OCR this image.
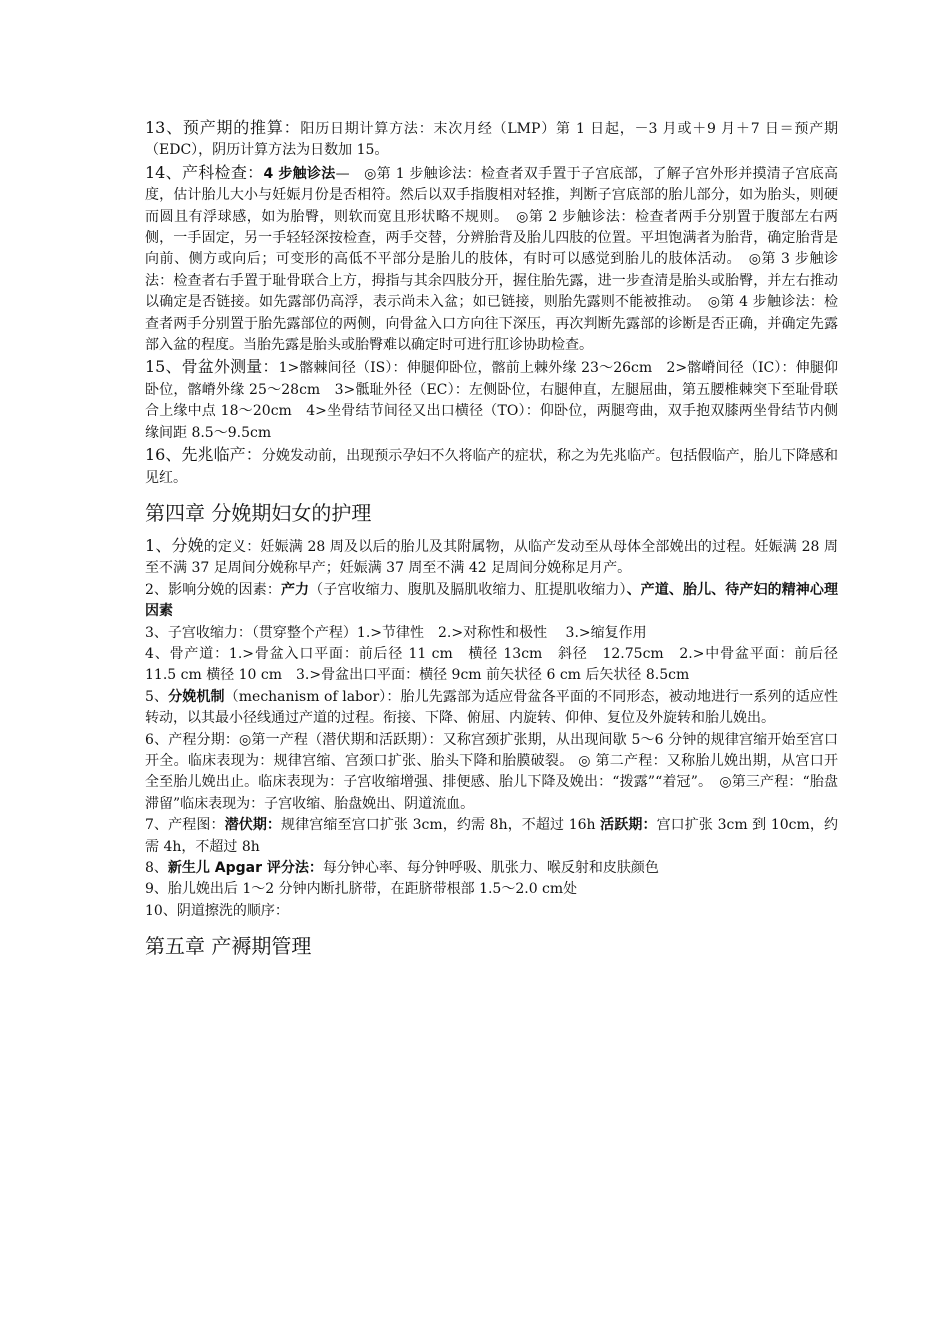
13、预产期的推算：阳历日期计算方法：末次月经（LMP）第 1 日起，－3 月或＋9 月＋7 日＝预产期（EDC），阴历计算方法为日数加 15。

14、产科检查：4 步触诊法—　◎第 1 步触诊法：检查者双手置于子宫底部，了解子宫外形并摸清子宫底高度，估计胎儿大小与妊娠月份是否相符。然后以双手指腹相对轻推，判断子宫底部的胎儿部分，如为胎头，则硬而圆且有浮球感，如为胎臀，则软而宽且形状略不规则。　◎第 2 步触诊法：检查者两手分别置于腹部左右两侧，一手固定，另一手轻轻深按检查，两手交替，分辨胎背及胎儿四肢的位置。平坦饱满者为胎背，确定胎背是向前、侧方或向后；可变形的高低不平部分是胎儿的肢体，有时可以感觉到胎儿的肢体活动。　◎第 3 步触诊法：检查者右手置于耻骨联合上方，拇指与其余四肢分开，握住胎先露，进一步查清是胎头或胎臀，并左右推动以确定是否链接。如先露部仍高浮，表示尚未入盆；如已链接，则胎先露则不能被推动。　◎第 4 步触诊法：检查者两手分别置于胎先露部位的两侧，向骨盆入口方向往下深压，再次判断先露部的诊断是否正确，并确定先露部入盆的程度。当胎先露是胎头或胎臀难以确定时可进行肛诊协助检查。

15、骨盆外测量：1>髂棘间径（IS）：伸腿仰卧位，髂前上棘外缘 23～26cm　2>髂嵴间径（IC）：伸腿仰卧位，髂嵴外缘 25～28cm　3>骶耻外径（EC）：左侧卧位，右腿伸直，左腿屈曲，第五腰椎棘突下至耻骨联合上缘中点 18～20cm　4>坐骨结节间径又出口横径（TO）：仰卧位，两腿弯曲，双手抱双膝两坐骨结节内侧缘间距 8.5～9.5cm

16、先兆临产：分娩发动前，出现预示孕妇不久将临产的症状，称之为先兆临产。包括假临产，胎儿下降感和见红。

第四章 分娩期妇女的护理

1、分娩的定义：妊娠满 28 周及以后的胎儿及其附属物，从临产发动至从母体全部娩出的过程。妊娠满 28 周至不满 37 足周间分娩称早产；妊娠满 37 周至不满 42 足周间分娩称足月产。

2、影响分娩的因素：产力（子宫收缩力、腹肌及膈肌收缩力、肛提肌收缩力）、产道、胎儿、待产妇的精神心理因素

3、子宫收缩力：（贯穿整个产程）1.>节律性　2.>对称性和极性　 3.>缩复作用

4、骨产道：1.>骨盆入口平面：前后径 11 cm　横径 13cm　斜径　12.75cm　2.>中骨盆平面：前后径 11.5 cm 横径 10 cm　3.>骨盆出口平面：横径 9cm 前矢状径 6 cm 后矢状径 8.5cm

5、分娩机制（mechanism of labor）：胎儿先露部为适应骨盆各平面的不同形态，被动地进行一系列的适应性转动，以其最小径线通过产道的过程。衔接、下降、俯屈、内旋转、仰伸、复位及外旋转和胎儿娩出。

6、产程分期：◎第一产程（潜伏期和活跃期）：又称宫颈扩张期，从出现间歇 5～6 分钟的规律宫缩开始至宫口开全。临床表现为：规律宫缩、宫颈口扩张、胎头下降和胎膜破裂。 ◎ 第二产程：又称胎儿娩出期，从宫口开全至胎儿娩出止。临床表现为：子宫收缩增强、排便感、胎儿下降及娩出：“拨露”“着冠”。　◎第三产程：“胎盘滞留”临床表现为：子宫收缩、胎盘娩出、阴道流血。

7、产程图：潜伏期：规律宫缩至宫口扩张 3cm，约需 8h，不超过 16h 活跃期：宫口扩张 3cm 到 10cm，约需 4h，不超过 8h

8、新生儿 Apgar 评分法：每分钟心率、每分钟呼吸、肌张力、喉反射和皮肤颜色

9、胎儿娩出后 1～2 分钟内断扎脐带，在距脐带根部 1.5～2.0 cm处

10、阴道擦洗的顺序：

第五章 产褥期管理
